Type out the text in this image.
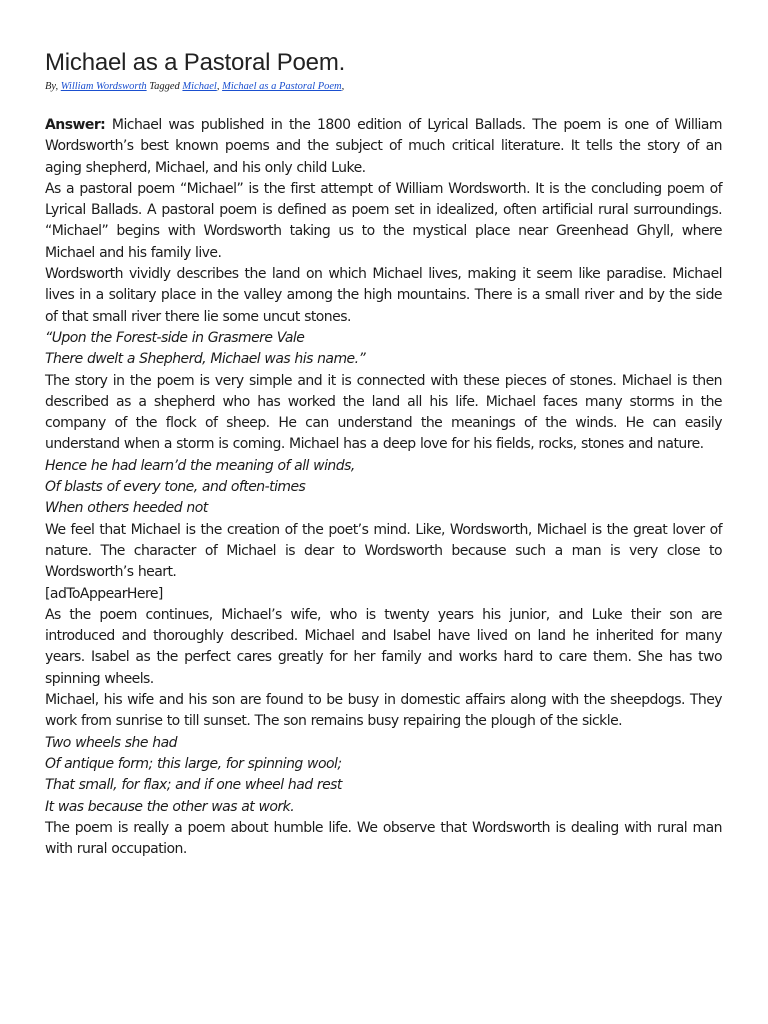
Michael as a Pastoral Poem.
By, William Wordsworth Tagged Michael, Michael as a Pastoral Poem,

Answer: Michael was published in the 1800 edition of Lyrical Ballads. The poem is one of William Wordsworth’s best known poems and the subject of much critical literature. It tells the story of an aging shepherd, Michael, and his only child Luke.

As a pastoral poem “Michael” is the first attempt of William Wordsworth. It is the concluding poem of Lyrical Ballads. A pastoral poem is defined as poem set in idealized, often artificial rural surroundings. “Michael” begins with Wordsworth taking us to the mystical place near Greenhead Ghyll, where Michael and his family live.

Wordsworth vividly describes the land on which Michael lives, making it seem like paradise. Michael lives in a solitary place in the valley among the high mountains. There is a small river and by the side of that small river there lie some uncut stones.

“Upon the Forest-side in Grasmere Vale

There dwelt a Shepherd, Michael was his name.”

The story in the poem is very simple and it is connected with these pieces of stones. Michael is then described as a shepherd who has worked the land all his life. Michael faces many storms in the company of the flock of sheep. He can understand the meanings of the winds. He can easily understand when a storm is coming. Michael has a deep love for his fields, rocks, stones and nature.

Hence he had learn’d the meaning of all winds,

Of blasts of every tone, and often-times

When others heeded not

We feel that Michael is the creation of the poet’s mind. Like, Wordsworth, Michael is the great lover of nature. The character of Michael is dear to Wordsworth because such a man is very close to Wordsworth’s heart.

[adToAppearHere]

As the poem continues, Michael’s wife, who is twenty years his junior, and Luke their son are introduced and thoroughly described. Michael and Isabel have lived on land he inherited for many years. Isabel as the perfect cares greatly for her family and works hard to care them. She has two spinning wheels.

Michael, his wife and his son are found to be busy in domestic affairs along with the sheepdogs. They work from sunrise to till sunset. The son remains busy repairing the plough of the sickle.

Two wheels she had

Of antique form; this large, for spinning wool;

That small, for flax; and if one wheel had rest

It was because the other was at work.

The poem is really a poem about humble life. We observe that Wordsworth is dealing with rural man with rural occupation.
